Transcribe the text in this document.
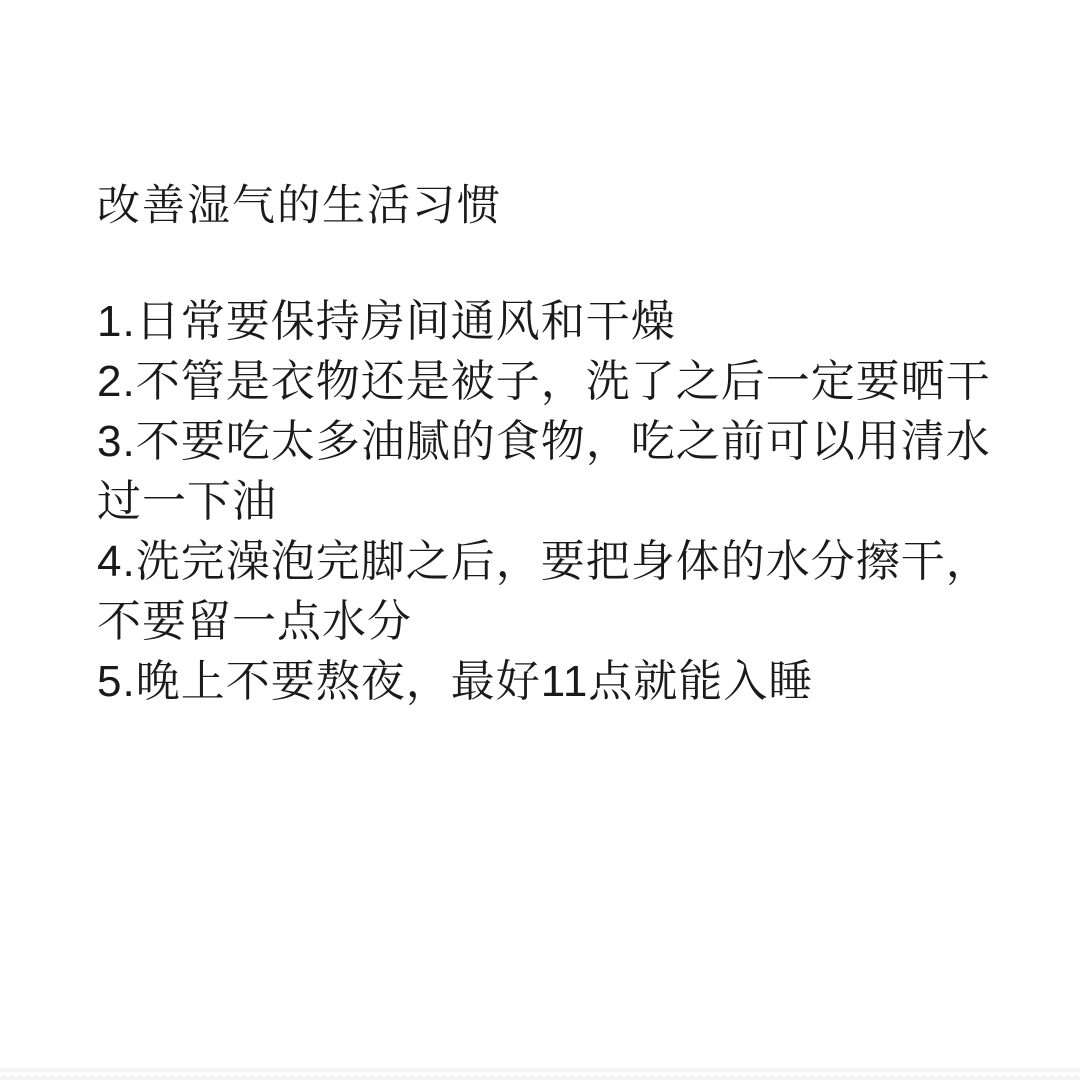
改善湿气的生活习惯
1.日常要保持房间通风和干燥
2.不管是衣物还是被子，洗了之后一定要晒干
3.不要吃太多油腻的食物，吃之前可以用清水
过一下油
4.洗完澡泡完脚之后，要把身体的水分擦干，
不要留一点水分
5.晚上不要熬夜，最好11点就能入睡
